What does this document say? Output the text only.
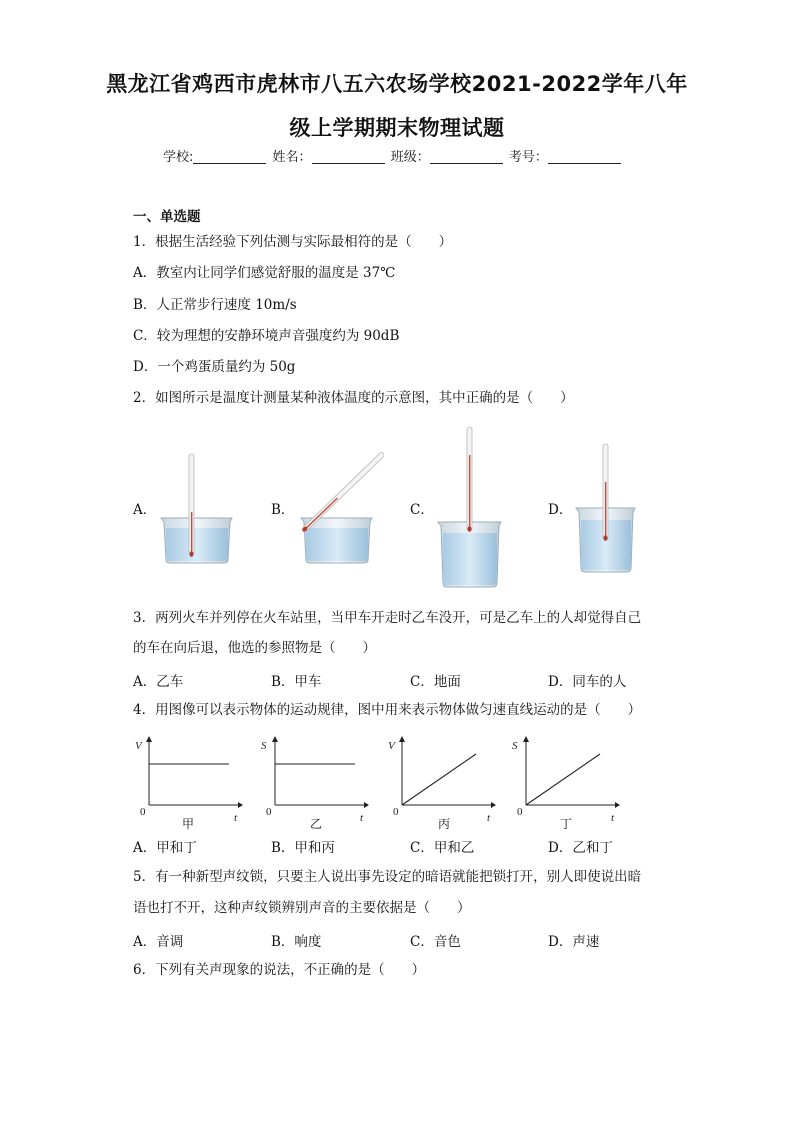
黑龙江省鸡西市虎林市八五六农场学校2021-2022学年八年
级上学期期末物理试题
学校:	姓名：	班级：	考号：
一、单选题
1．根据生活经验下列估测与实际最相符的是（　　）
A．教室内让同学们感觉舒服的温度是 37℃
B．人正常步行速度 10m/s
C．较为理想的安静环境声音强度约为 90dB
D．一个鸡蛋质量约为 50g
2．如图所示是温度计测量某种液体温度的示意图，其中正确的是（　　）
A．	B．	C．	D．
3．两列火车并列停在火车站里，当甲车开走时乙车没开，可是乙车上的人却觉得自己
的车在向后退，他选的参照物是（　　）
A．乙车	B．甲车	C．地面	D．同车的人
4．用图像可以表示物体的运动规律，图中用来表示物体做匀速直线运动的是（　　）
V
t
0
S
t
0
V
t
0
S
t
0
甲	乙	丙	丁
A．甲和丁	B．甲和丙	C．甲和乙	D．乙和丁
5．有一种新型声纹锁，只要主人说出事先设定的暗语就能把锁打开，别人即使说出暗
语也打不开，这种声纹锁辨别声音的主要依据是（　　）
A．音调	B．响度	C．音色	D．声速
6．下列有关声现象的说法，不正确的是（　　）
